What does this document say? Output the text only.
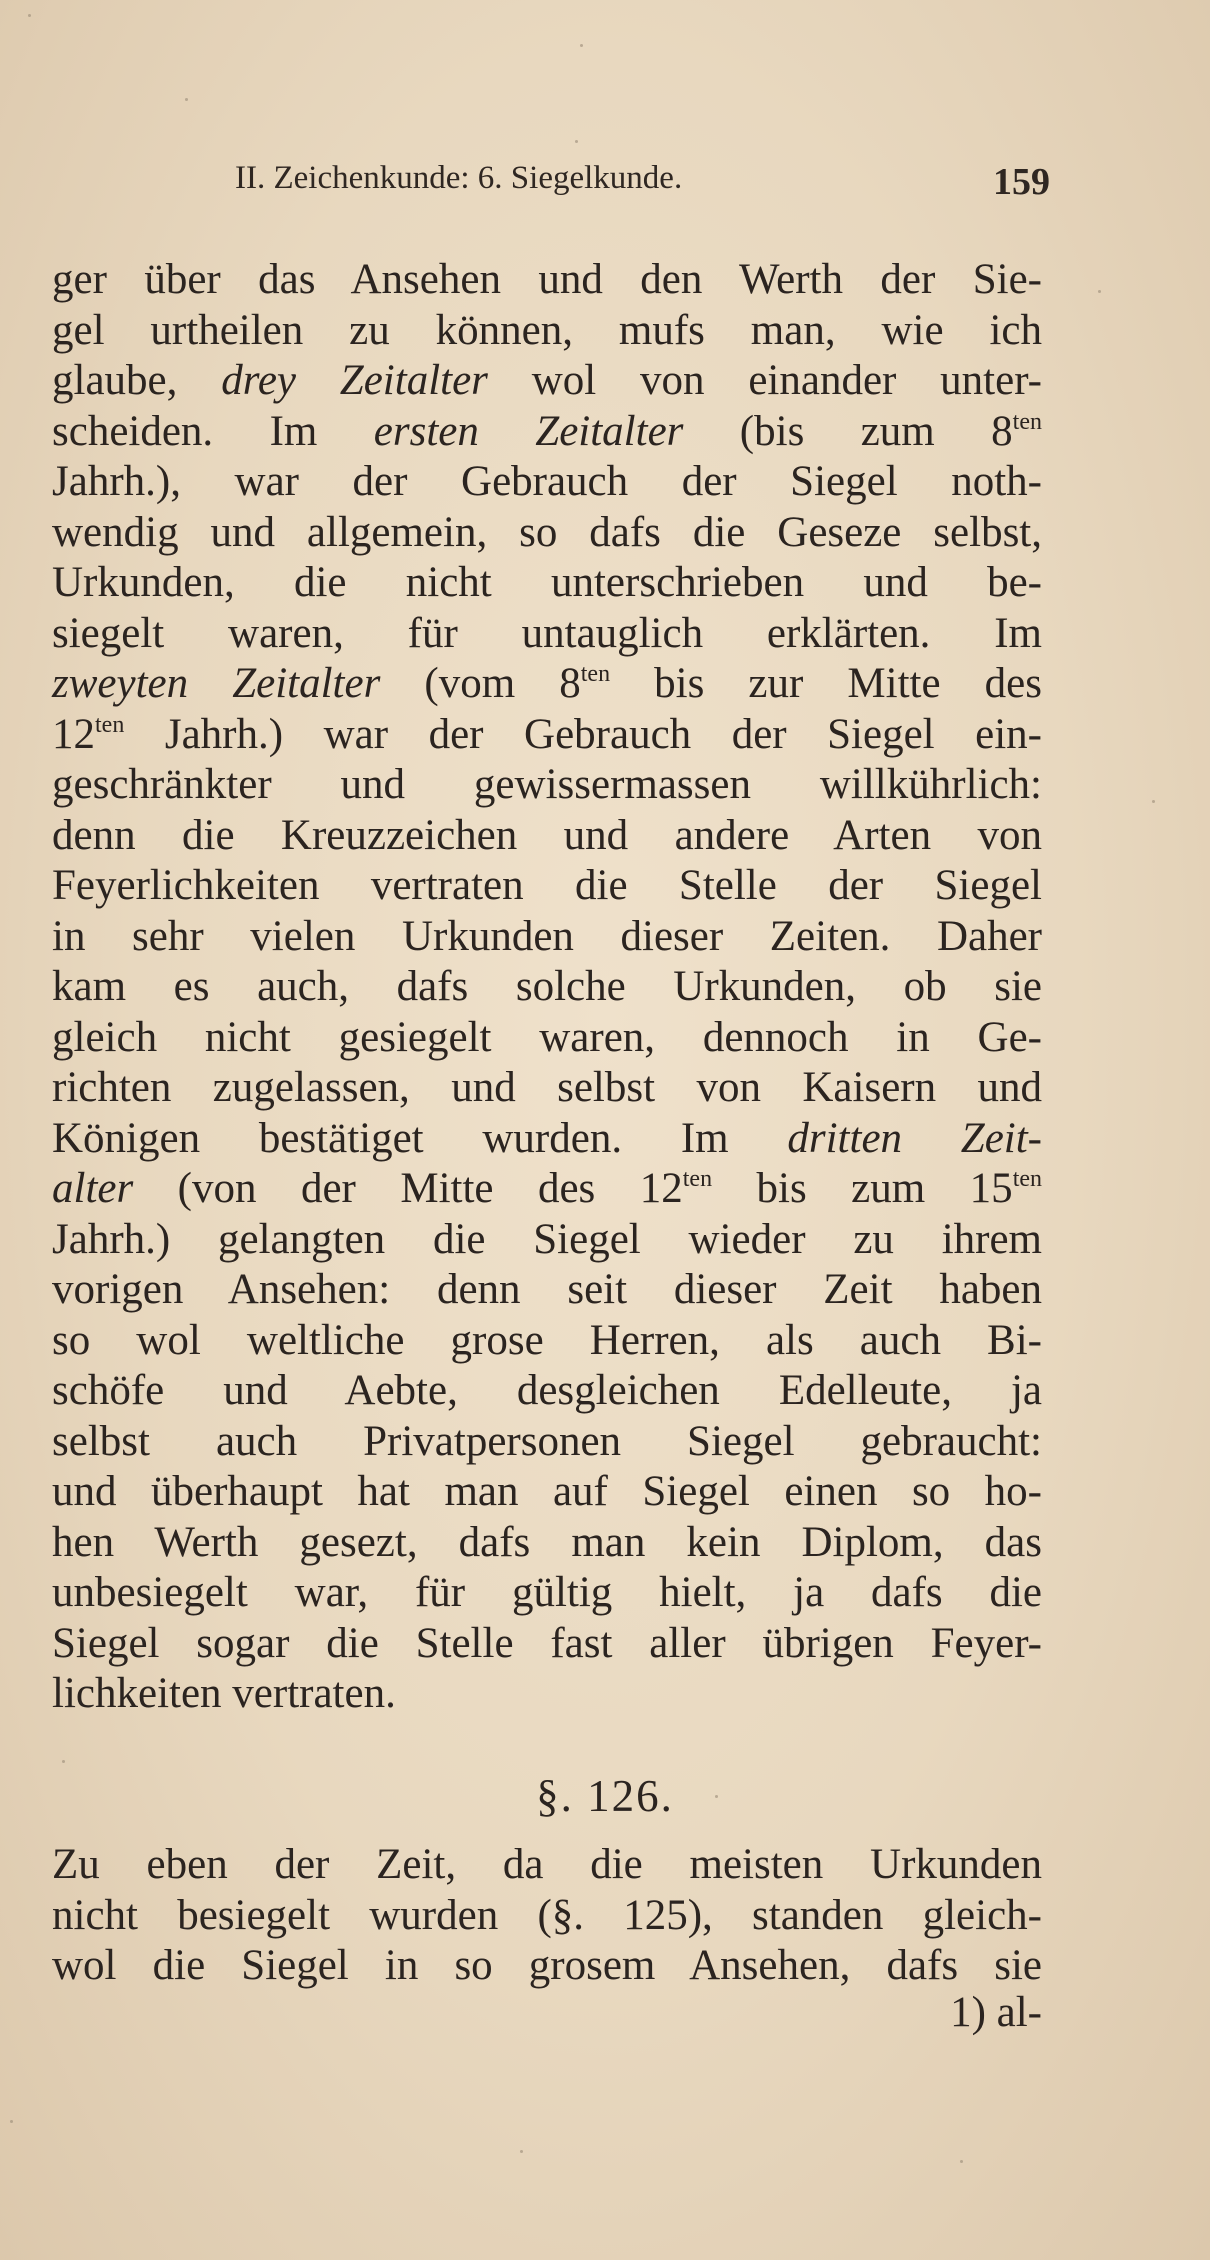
II. Zeichenkunde: 6. Siegelkunde.	159
ger über das Ansehen und den Werth der Sie-
gel urtheilen zu können, mufs man, wie ich
glaube, drey Zeitalter wol von einander unter-
scheiden. Im ersten Zeitalter (bis zum $8^{ten}$
Jahrh.), war der Gebrauch der Siegel noth-
wendig und allgemein, so dafs die Geseze selbst,
Urkunden, die nicht unterschrieben und be-
siegelt waren, für untauglich erklärten. Im
zweyten Zeitalter (vom $8^{ten}$ bis zur Mitte des
$12^{ten}$ Jahrh.) war der Gebrauch der Siegel ein-
geschränkter und gewissermassen willkührlich:
denn die Kreuzzeichen und andere Arten von
Feyerlichkeiten vertraten die Stelle der Siegel
in sehr vielen Urkunden dieser Zeiten. Daher
kam es auch, dafs solche Urkunden, ob sie
gleich nicht gesiegelt waren, dennoch in Ge-
richten zugelassen, und selbst von Kaisern und
Königen bestätiget wurden. Im dritten Zeit-
alter (von der Mitte des $12^{ten}$ bis zum $15^{ten}$
Jahrh.) gelangten die Siegel wieder zu ihrem
vorigen Ansehen: denn seit dieser Zeit haben
so wol weltliche grose Herren, als auch Bi-
schöfe und Aebte, desgleichen Edelleute, ja
selbst auch Privatpersonen Siegel gebraucht:
und überhaupt hat man auf Siegel einen so ho-
hen Werth gesezt, dafs man kein Diplom, das
unbesiegelt war, für gültig hielt, ja dafs die
Siegel sogar die Stelle fast aller übrigen Feyer-
lichkeiten vertraten.
§. 126.
Zu eben der Zeit, da die meisten Urkunden
nicht besiegelt wurden (§. 125), standen gleich-
wol die Siegel in so grosem Ansehen, dafs sie
1) al-
